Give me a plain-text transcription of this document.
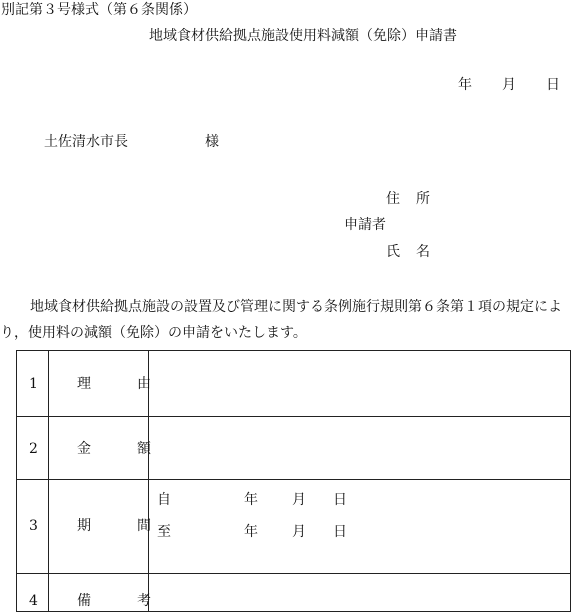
別記第３号様式（第６条関係）
地域食材供給拠点施設使用料減額（免除）申請書
年 月 日
土佐清水市長	様
住 所
申請者
氏 名
地域食材供給拠点施設の設置及び管理に関する条例施行規則第６条第１項の規定によ
り，使用料の減額（免除）の申請をいたします。
1	理	由
2	金	額
3	期	間
自	年 月 日
至	年 月 日
4	備	考
